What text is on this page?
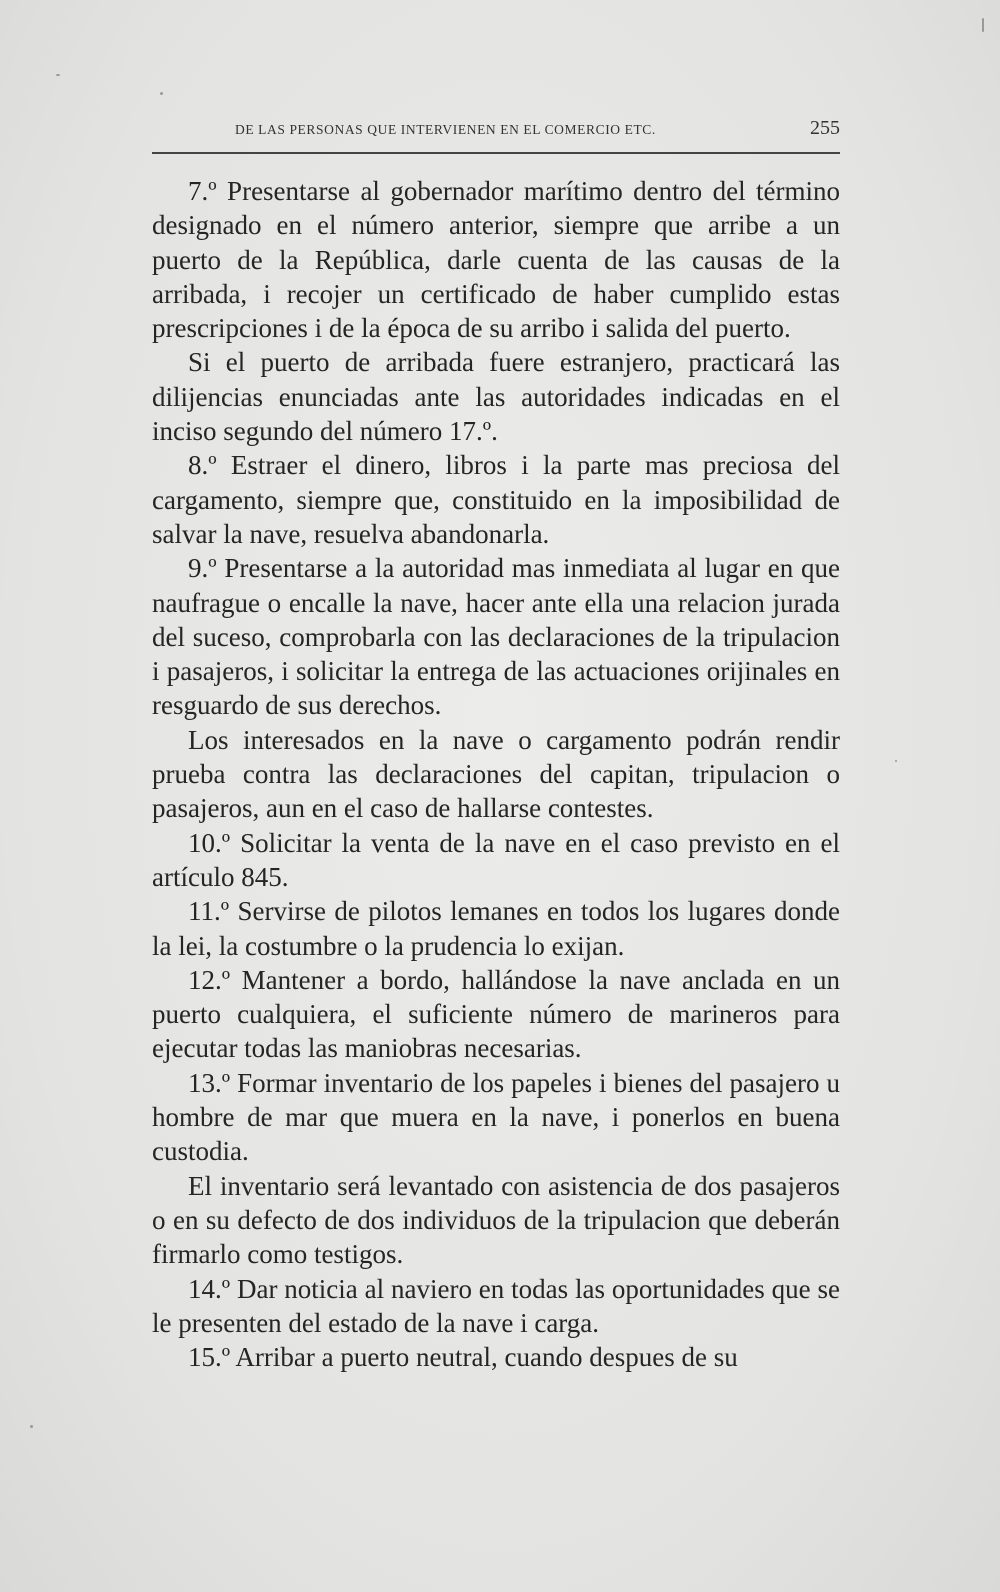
DE LAS PERSONAS QUE INTERVIENEN EN EL COMERCIO ETC.	255

7.º Presentarse al gobernador marítimo dentro del término designado en el número anterior, siempre que arribe a un puerto de la República, darle cuenta de las causas de la arribada, i recojer un certificado de haber cumplido estas prescripciones i de la época de su arribo i salida del puerto.

Si el puerto de arribada fuere estranjero, practicará las dilijencias enunciadas ante las autoridades indicadas en el inciso segundo del número 17.º.

8.º Estraer el dinero, libros i la parte mas preciosa del cargamento, siempre que, constituido en la imposibilidad de salvar la nave, resuelva abandonarla.

9.º Presentarse a la autoridad mas inmediata al lugar en que naufrague o encalle la nave, hacer ante ella una relacion jurada del suceso, comprobarla con las declaraciones de la tripulacion i pasajeros, i solicitar la entrega de las actuaciones orijinales en resguardo de sus derechos.

Los interesados en la nave o cargamento podrán rendir prueba contra las declaraciones del capitan, tripulacion o pasajeros, aun en el caso de hallarse contestes.

10.º Solicitar la venta de la nave en el caso previsto en el artículo 845.

11.º Servirse de pilotos lemanes en todos los lugares donde la lei, la costumbre o la prudencia lo exijan.

12.º Mantener a bordo, hallándose la nave anclada en un puerto cualquiera, el suficiente número de marineros para ejecutar todas las maniobras necesarias.

13.º Formar inventario de los papeles i bienes del pasajero u hombre de mar que muera en la nave, i ponerlos en buena custodia.

El inventario será levantado con asistencia de dos pasajeros o en su defecto de dos individuos de la tripulacion que deberán firmarlo como testigos.

14.º Dar noticia al naviero en todas las oportunidades que se le presenten del estado de la nave i carga.

15.º Arribar a puerto neutral, cuando despues de su
